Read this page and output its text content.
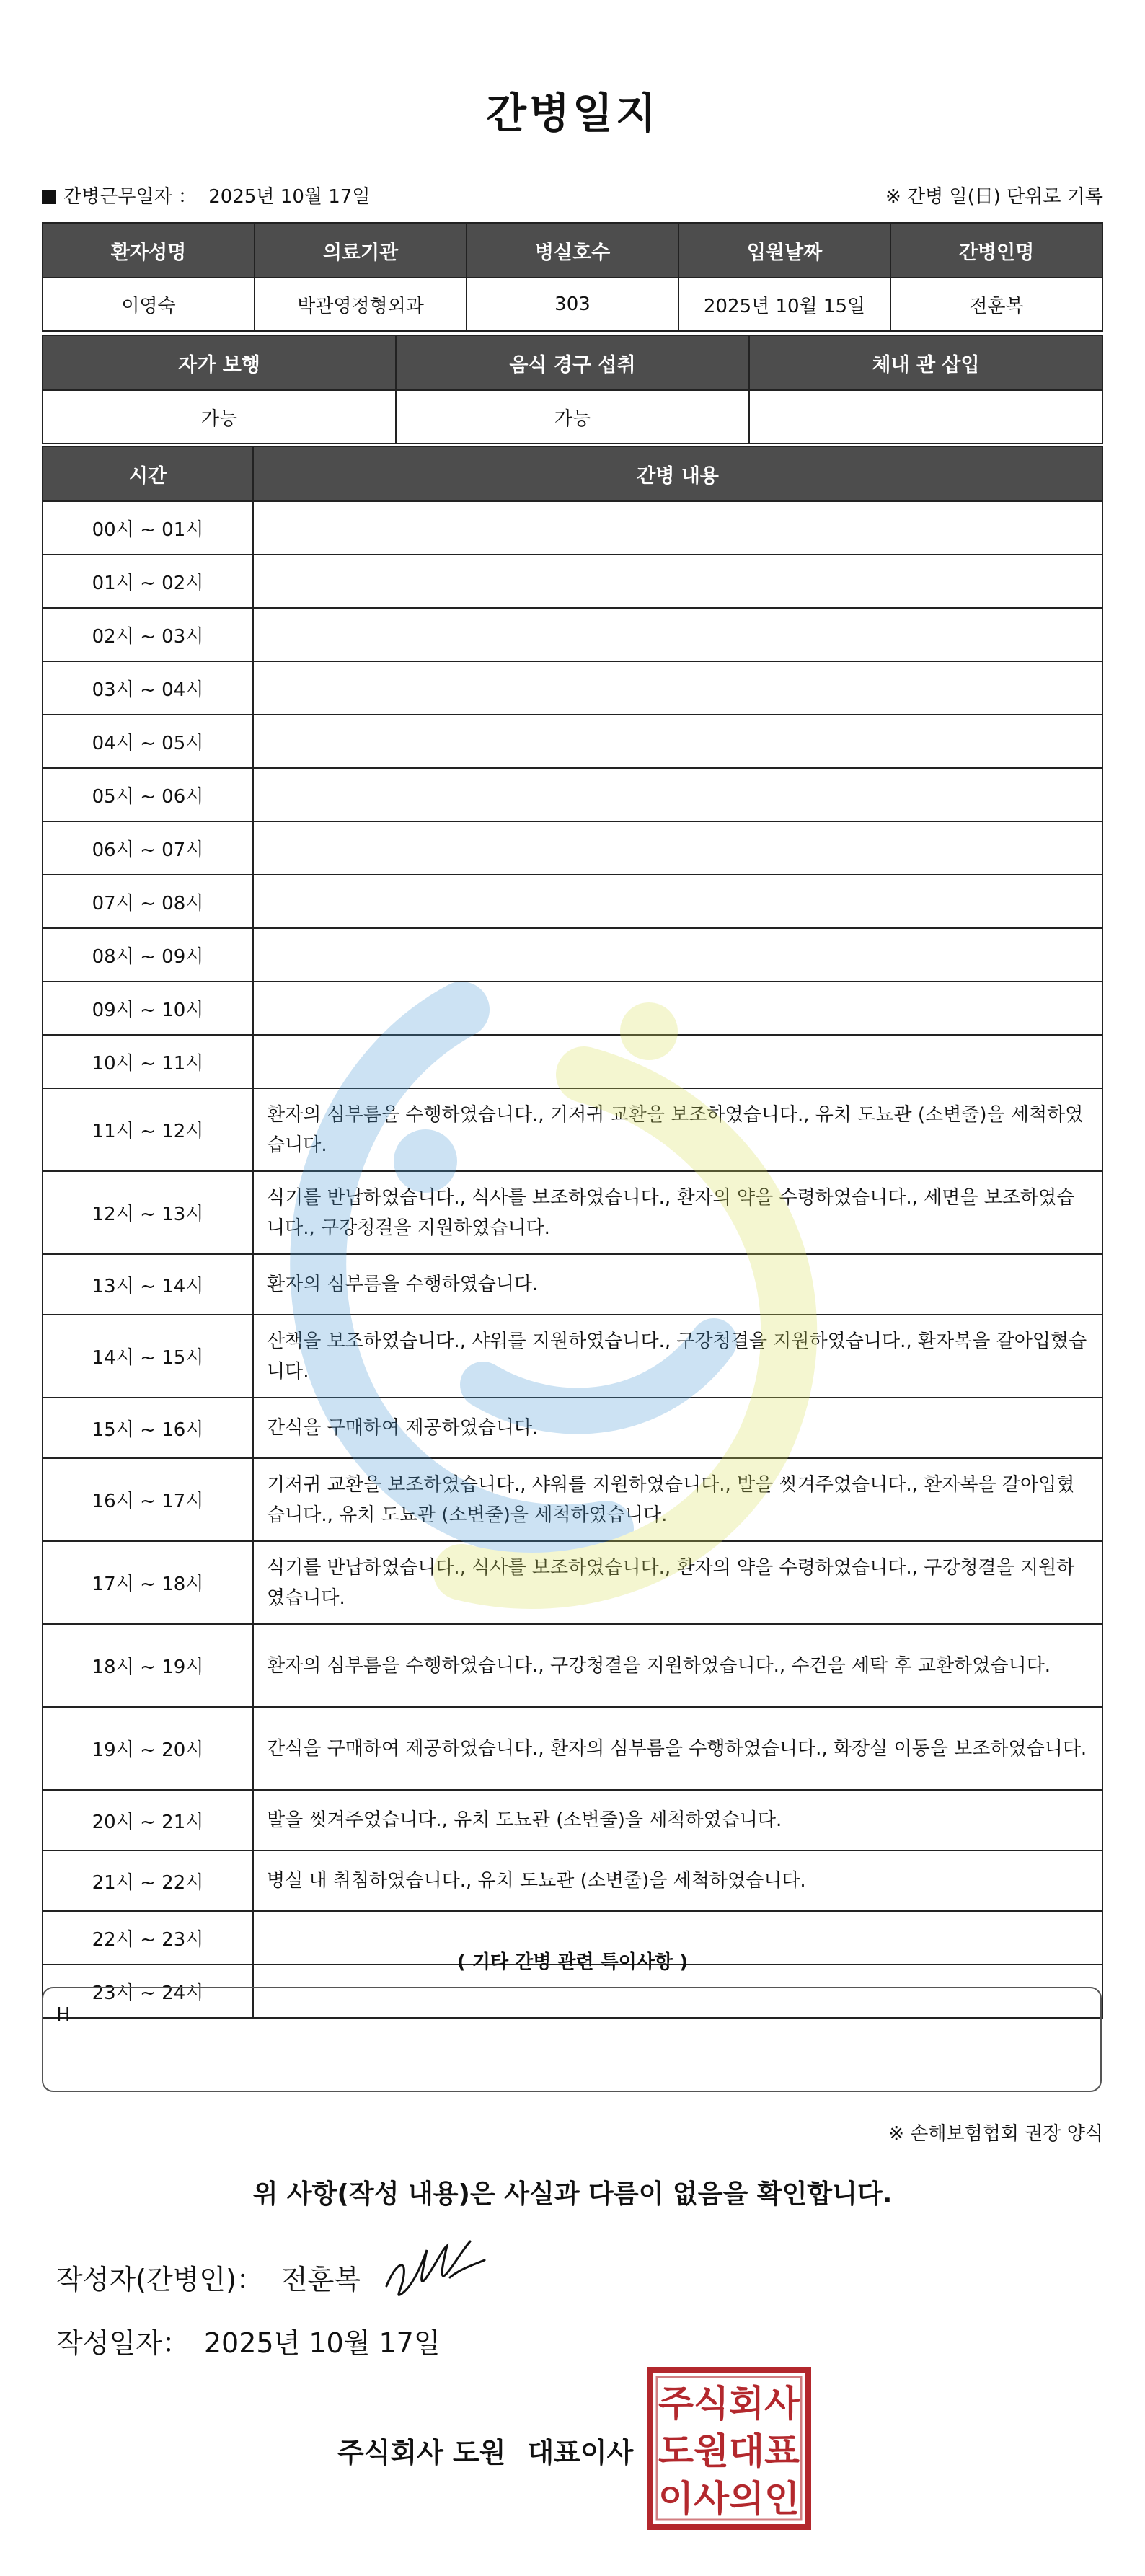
간병일지
간병근무일자 ： 2025년 10월 17일	※ 간병 일(日) 단위로 기록
환자성명	의료기관	병실호수	입원날짜	간병인명
이영숙	박관영정형외과	303	2025년 10월 15일	전훈복
자가 보행	음식 경구 섭취	체내 관 삽입
가능	가능	
시간	간병 내용
00시 ~ 01시	
01시 ~ 02시	
02시 ~ 03시	
03시 ~ 04시	
04시 ~ 05시	
05시 ~ 06시	
06시 ~ 07시	
07시 ~ 08시	
08시 ~ 09시	
09시 ~ 10시	
10시 ~ 11시	
11시 ~ 12시	환자의 심부름을 수행하였습니다., 기저귀 교환을 보조하였습니다., 유치 도뇨관 (소변줄)을 세척하였습니다.
12시 ~ 13시	식기를 반납하였습니다., 식사를 보조하였습니다., 환자의 약을 수령하였습니다., 세면을 보조하였습니다., 구강청결을 지원하였습니다.
13시 ~ 14시	환자의 심부름을 수행하였습니다.
14시 ~ 15시	산책을 보조하였습니다., 샤워를 지원하였습니다., 구강청결을 지원하였습니다., 환자복을 갈아입혔습니다.
15시 ~ 16시	간식을 구매하여 제공하였습니다.
16시 ~ 17시	기저귀 교환을 보조하였습니다., 샤워를 지원하였습니다., 발을 씻겨주었습니다., 환자복을 갈아입혔습니다., 유치 도뇨관 (소변줄)을 세척하였습니다.
17시 ~ 18시	식기를 반납하였습니다., 식사를 보조하였습니다., 환자의 약을 수령하였습니다., 구강청결을 지원하였습니다.
18시 ~ 19시	환자의 심부름을 수행하였습니다., 구강청결을 지원하였습니다., 수건을 세탁 후 교환하였습니다.
19시 ~ 20시	간식을 구매하여 제공하였습니다., 환자의 심부름을 수행하였습니다., 화장실 이동을 보조하였습니다.
20시 ~ 21시	발을 씻겨주었습니다., 유치 도뇨관 (소변줄)을 세척하였습니다.
21시 ~ 22시	병실 내 취침하였습니다., 유치 도뇨관 (소변줄)을 세척하였습니다.
22시 ~ 23시	
23시 ~ 24시	
( 기타 간병 관련 특이사항 )
H
※ 손해보험협회 권장 양식
위 사항(작성 내용)은 사실과 다름이 없음을 확인합니다.
작성자(간병인)： 전훈복
작성일자： 2025년 10월 17일
주식회사 도원 대표이사
주식회사
도원대표
이사의인
